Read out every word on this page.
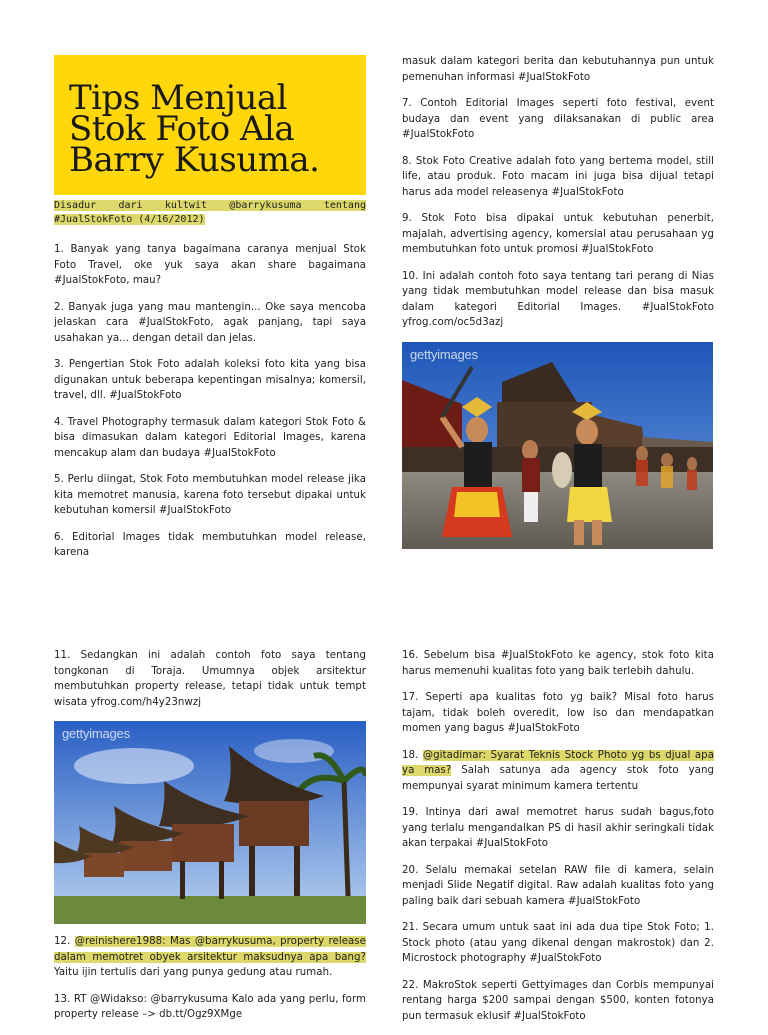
Tips Menjual
Stok Foto Ala
Barry Kusuma.
Disadur dari kultwit @barrykusuma tentang #JualStokFoto (4/16/2012)

1. Banyak yang tanya bagaimana caranya menjual Stok Foto Travel, oke yuk saya akan share bagaimana #JualStokFoto, mau?

2. Banyak juga yang mau mantengin... Oke saya mencoba jelaskan cara #JualStokFoto, agak panjang, tapi saya usahakan ya... dengan detail dan jelas.

3. Pengertian Stok Foto adalah koleksi foto kita yang bisa digunakan untuk beberapa kepentingan misalnya; komersil, travel, dll. #JualStokFoto

4. Travel Photography termasuk dalam kategori Stok Foto & bisa dimasukan dalam kategori Editorial Images, karena mencakup alam dan budaya #JualStokFoto

5. Perlu diingat, Stok Foto membutuhkan model release jika kita memotret manusia, karena foto tersebut dipakai untuk kebutuhan komersil #JualStokFoto

6. Editorial Images tidak membutuhkan model release, karena

masuk dalam kategori berita dan kebutuhannya pun untuk pemenuhan informasi #JualStokFoto

7. Contoh Editorial Images seperti foto festival, event budaya dan event yang dilaksanakan di public area #JualStokFoto

8. Stok Foto Creative adalah foto yang bertema model, still life, atau produk. Foto macam ini juga bisa dijual tetapi harus ada model releasenya #JualStokFoto

9. Stok Foto bisa dipakai untuk kebutuhan penerbit, majalah, advertising agency, komersial atau perusahaan yg membutuhkan foto untuk promosi #JualStokFoto

10. Ini adalah contoh foto saya tentang tari perang di Nias yang tidak membutuhkan model release dan bisa masuk dalam kategori Editorial Images. #JualStokFoto yfrog.com/oc5d3azj

gettyimages

11. Sedangkan ini adalah contoh foto saya tentang tongkonan di Toraja. Umumnya objek arsitektur membutuhkan property release, tetapi tidak untuk tempt wisata yfrog.com/h4y23nwzj

gettyimages

12. @reinishere1988: Mas @barrykusuma, property release dalam memotret obyek arsitektur maksudnya apa bang? Yaitu ijin tertulis dari yang punya gedung atau rumah.

13. RT @Widakso: @barrykusuma Kalo ada yang perlu, form property release –> db.tt/Ogz9XMge

16. Sebelum bisa #JualStokFoto ke agency, stok foto kita harus memenuhi kualitas foto yang baik terlebih dahulu.

17. Seperti apa kualitas foto yg baik? Misal foto harus tajam, tidak boleh overedit, low iso dan mendapatkan momen yang bagus #JualStokFoto

18. @gitadimar: Syarat Teknis Stock Photo yg bs djual apa ya mas? Salah satunya ada agency stok foto yang mempunyai syarat minimum kamera tertentu

19. Intinya dari awal memotret harus sudah bagus,foto yang terlalu mengandalkan PS di hasil akhir seringkali tidak akan terpakai #JualStokFoto

20. Selalu memakai setelan RAW file di kamera, selain menjadi Slide Negatif digital. Raw adalah kualitas foto yang paling baik dari sebuah kamera #JualStokFoto

21. Secara umum untuk saat ini ada dua tipe Stok Foto; 1. Stock photo (atau yang dikenal dengan makrostok) dan 2. Microstock photography #JualStokFoto

22. MakroStok seperti Gettyimages dan Corbis mempunyai rentang harga $200 sampai dengan $500, konten fotonya pun termasuk eklusif #JualStokFoto
